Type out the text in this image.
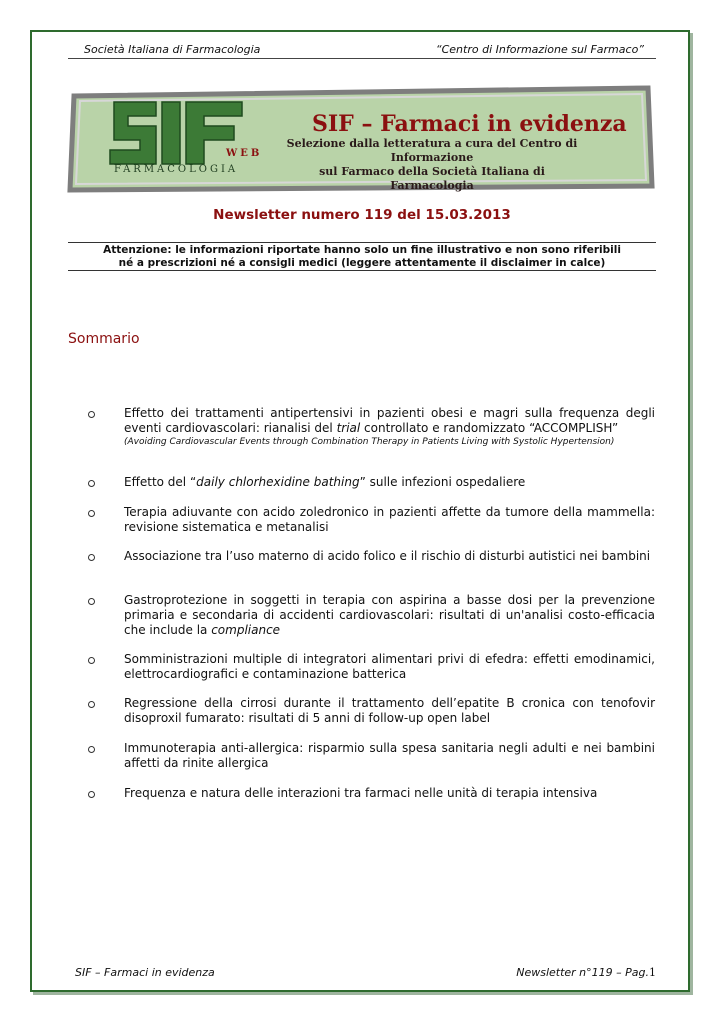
Società Italiana di Farmacologia	“Centro di Informazione sul Farmaco”
WEB
FARMACOLOGIA
SIF – Farmaci in evidenza
Selezione dalla letteratura a cura del Centro di Informazione
sul Farmaco della Società Italiana di Farmacologia
Newsletter numero 119 del 15.03.2013
Attenzione: le informazioni riportate hanno solo un fine illustrativo e non sono riferibili
né a prescrizioni né a consigli medici (leggere attentamente il disclaimer in calce)
Sommario
Effetto dei trattamenti antipertensivi in pazienti obesi e magri sulla frequenza degli eventi cardiovascolari: rianalisi del trial controllato e randomizzato “ACCOMPLISH”
(Avoiding Cardiovascular Events through Combination Therapy in Patients Living with Systolic Hypertension)
Effetto del “daily chlorhexidine bathing” sulle infezioni ospedaliere
Terapia adiuvante con acido zoledronico in pazienti affette da tumore della mammella: revisione sistematica e metanalisi
Associazione tra l’uso materno di acido folico e il rischio di disturbi autistici nei bambini
Gastroprotezione in soggetti in terapia con aspirina a basse dosi per la prevenzione primaria e secondaria di accidenti cardiovascolari: risultati di un'analisi costo-efficacia che include la compliance
Somministrazioni multiple di integratori alimentari privi di efedra: effetti emodinamici, elettrocardiografici e contaminazione batterica
Regressione della cirrosi durante il trattamento dell’epatite B cronica con tenofovir disoproxil fumarato: risultati di 5 anni di follow-up open label
Immunoterapia anti-allergica: risparmio sulla spesa sanitaria negli adulti e nei bambini affetti da rinite allergica
Frequenza e natura delle interazioni tra farmaci nelle unità di terapia intensiva
SIF – Farmaci in evidenza	Newsletter n°119 – Pag.1
